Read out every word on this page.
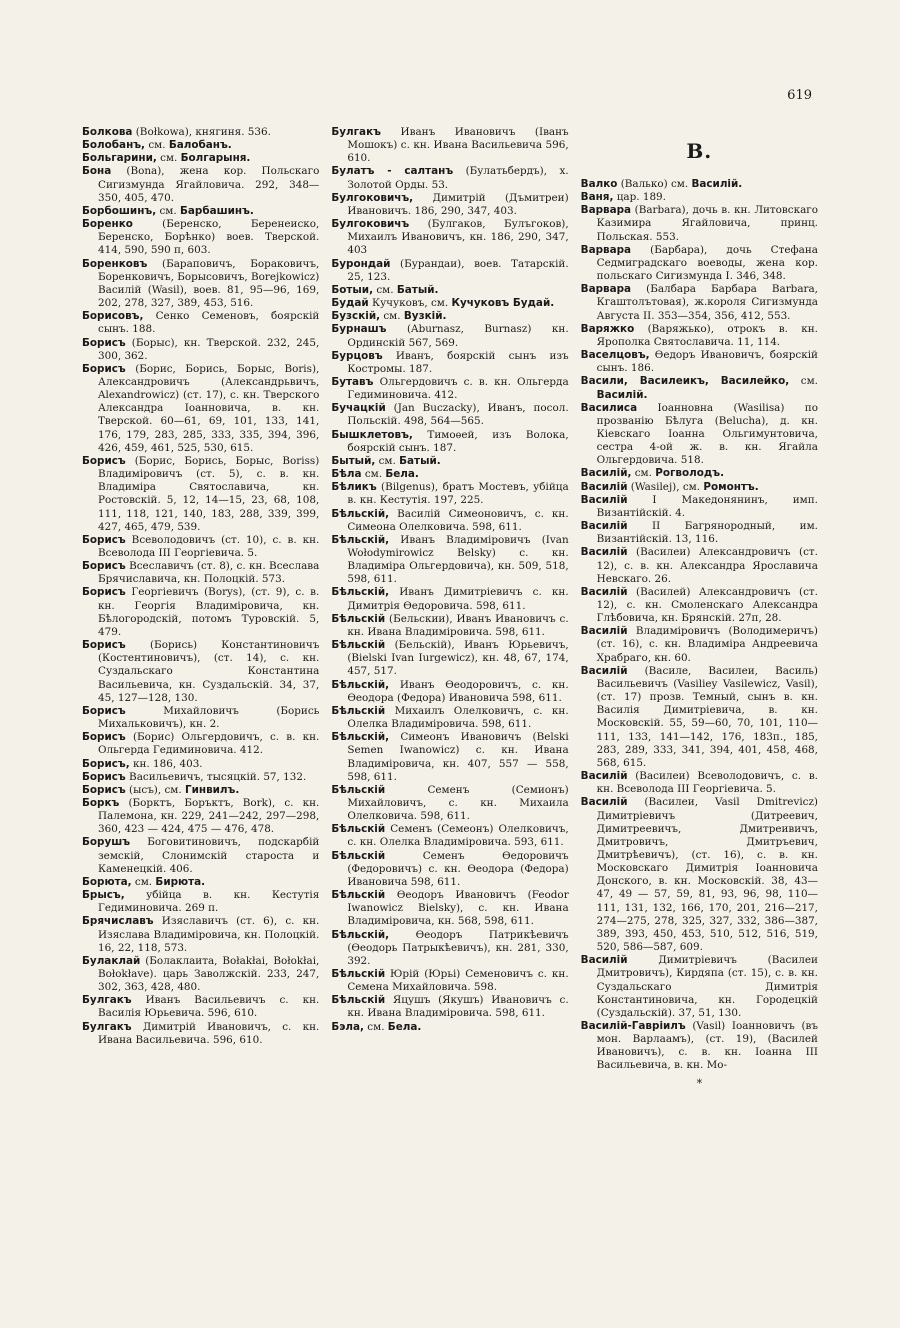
619

Болкова (Bołkowa), княгиня. 536.

Болобанъ, см. Балобанъ.

Больгарини, см. Болгарыня.

Бона (Bona), жена кор. Польскаго Сигизмунда Ягайловича. 292, 348—350, 405, 470.

Борбошинъ, см. Барбашинъ.

Боренко (Беренско, Беренеиско, Беренско, Борѣнко) воев. Тверской. 414, 590, 590 п, 603.

Боренковъ (Бараповичъ, Бораковичъ, Боренковичъ, Борысовичъ, Borejkowicz) Василій (Wasil), воев. 81, 95—96, 169, 202, 278, 327, 389, 453, 516.

Борисовъ, Сенко Семеновъ, боярскій сынъ. 188.

Борисъ (Борыс), кн. Тверской. 232, 245, 300, 362.

Борисъ (Борис, Борись, Борыс, Boris), Александровичъ (Александрьвичъ, Alexandrowicz) (ст. 17), с. кн. Тверского Александра Іоанновича, в. кн. Тверской. 60—61, 69, 101, 133, 141, 176, 179, 283, 285, 333, 335, 394, 396, 426, 459, 461, 525, 530, 615.

Борисъ (Борис, Борись, Борыс, Boriss) Владиміровичъ (ст. 5), с. в. кн. Владиміра Святославича, кн. Ростовскій. 5, 12, 14—15, 23, 68, 108, 111, 118, 121, 140, 183, 288, 339, 399, 427, 465, 479, 539.

Борисъ Всеволодовичъ (ст. 10), с. в. кн. Всеволода III Георгіевича. 5.

Борисъ Всеславичъ (ст. 8), с. кн. Всеслава Брячиславича, кн. Полоцкій. 573.

Борисъ Георгіевичъ (Borys), (ст. 9), с. в. кн. Георгія Владиміровича, кн. Бѣлогородскій, потомъ Туровскій. 5, 479.

Борисъ (Борись) Константиновичъ (Костентиновичъ), (ст. 14), с. кн. Суздальскаго Константина Васильевича, кн. Суздальскій. 34, 37, 45, 127—128, 130.

Борисъ Михайловичъ (Борись Михальковичъ), кн. 2.

Борисъ (Борис) Ольгердовичъ, с. в. кн. Ольгерда Гедиминовича. 412.

Борисъ, кн. 186, 403.

Борисъ Васильевичъ, тысяцкій. 57, 132.

Борисъ (ысъ), см. Гинвилъ.

Боркъ (Борктъ, Боръктъ, Bork), с. кн. Палемона, кн. 229, 241—242, 297—298, 360, 423 — 424, 475 — 476, 478.

Борушъ Боговитиновичъ, подскарбій земскій, Слонимскій староста и Каменецкій. 406.

Борюта, см. Бирюта.

Брысъ, убійца в. кн. Кестутія Гедиминовича. 269 п.

Брячиславъ Изяславичъ (ст. 6), с. кн. Изяслава Владиміровича, кн. Полоцкій. 16, 22, 118, 573.

Булаклай (Болаклаита, Bołakłai, Bołokłai, Bołokłave). царь Заволжскій. 233, 247, 302, 363, 428, 480.

Булгакъ Иванъ Васильевичъ с. кн. Василія Юрьевича. 596, 610.

Булгакъ Димитрій Ивановичъ, с. кн. Ивана Васильевича. 596, 610.

Булгакъ Иванъ Ивановичъ (Іванъ Мошокъ) с. кн. Ивана Васильевича 596, 610.

Булатъ - салтанъ (Булатьбердъ), х. Золотой Орды. 53.

Булгоковичъ, Димитрій (Дъмитреи) Ивановичъ. 186, 290, 347, 403.

Булгоковичъ (Булгаков, Булъгоков), Михаилъ Ивановичъ, кн. 186, 290, 347, 403

Бурондай (Бурандаи), воев. Татарскій. 25, 123.

Ботыи, см. Батый.

Будай Кучуковъ, см. Кучуковъ Будай.

Бузскій, см. Вузкій.

Бурнашъ (Aburnasz, Burnasz) кн. Ординскій 567, 569.

Бурцовъ Иванъ, боярскій сынъ изъ Костромы. 187.

Бутавъ Ольгердовичъ с. в. кн. Ольгерда Гедиминовича. 412.

Бучацкій (Jan Buczacky), Иванъ, посол. Польскій. 498, 564—565.

Бышклетовъ, Тимоѳей, изъ Волока, боярскій сынъ. 187.

Бытый, см. Батый.

Бѣла см. Бела.

Бѣликъ (Bilgenus), братъ Мостевъ, убійца в. кн. Кестутія. 197, 225.

Бѣльскій, Василій Симеоновичъ, с. кн. Симеона Олелковича. 598, 611.

Бѣльскій, Иванъ Владиміровичъ (Ivan Wołodymirowicz Belsky) с. кн. Владиміра Ольгердовича), кн. 509, 518, 598, 611.

Бѣльскій, Иванъ Димитріевичъ с. кн. Димитрія Ѳедоровича. 598, 611.

Бѣльскій (Бельскии), Иванъ Ивановичъ с. кн. Ивана Владиміровича. 598, 611.

Бѣльскій (Бельскій), Иванъ Юрьевичъ, (Bielski Ivan Iurgewicz), кн. 48, 67, 174, 457, 517.

Бѣльскій, Иванъ Ѳеодоровичъ, с. кн. Ѳеодора (Федора) Ивановича 598, 611.

Бѣльскій Михаилъ Олелковичъ, с. кн. Олелка Владиміровича. 598, 611.

Бѣльскій, Симеонъ Ивановичъ (Belski Semen Iwanowicz) с. кн. Ивана Владиміровича, кн. 407, 557 — 558, 598, 611.

Бѣльскій Семенъ (Семионъ) Михайловичъ, с. кн. Михаила Олелковича. 598, 611.

Бѣльскій Семенъ (Семеонъ) Олелковичъ, с. кн. Олелка Владиміровича. 593, 611.

Бѣльскій Семенъ Ѳедоровичъ (Федоровичъ) с. кн. Ѳеодора (Федора) Ивановича 598, 611.

Бѣльскій Ѳеодоръ Ивановичъ (Feodor Iwanowicz Bielsky), с. кн. Ивана Владиміровича, кн. 568, 598, 611.

Бѣльскій, Ѳеодоръ Патрикѣевичъ (Ѳеодорь Патрыкѣевичъ), кн. 281, 330, 392.

Бѣльскій Юрій (Юрьі) Семеновичъ с. кн. Семена Михайловича. 598.

Бѣльскій Яцушъ (Якушъ) Ивановичъ с. кн. Ивана Владиміровича. 598, 611.

Бэла, см. Бела.

В.

Валко (Валько) см. Василій.

Ваня, цар. 189.

Варвара (Barbara), дочь в. кн. Литовскаго Казимира Ягайловича, принц. Польская. 553.

Варвара (Барбара), дочь Стефана Седмиградскаго воеводы, жена кор. польскаго Сигизмунда I. 346, 348.

Варвара (Балбара Барбара Barbara, Кгаштолътовая), ж.короля Сигизмунда Августа II. 353—354, 356, 412, 553.

Варяжко (Варяжько), отрокъ в. кн. Ярополка Святославича. 11, 114.

Васелцовъ, Ѳедоръ Ивановичъ, боярскій сынъ. 186.

Васили, Василеикъ, Василейко, см. Василій.

Василиса Іоанновна (Wasilisa) по прозванію Бѣлуга (Belucha), д. кн. Кіевскаго Іоанна Ольгимунтовича, сестра 4-ой ж. в. кн. Ягайла Ольгердовича. 518.

Василій, см. Рогволодъ.

Василій (Wasilej), см. Ромонтъ.

Василій I Македонянинъ, имп. Византійскій. 4.

Василій II Багрянородный, им. Византійскій. 13, 116.

Василій (Василеи) Александровичъ (ст. 12), с. в. кн. Александра Ярославича Невскаго. 26.

Василій (Василей) Александровичъ (ст. 12), с. кн. Смоленскаго Александра Глѣбовича, кн. Брянскій. 27п, 28.

Василій Владиміровичъ (Володимеричъ) (ст. 16), с. кн. Владиміра Андреевича Храбраго, кн. 60.

Василій (Василе, Василеи, Василь) Васильевичъ (Vasiliey Vasilewicz, Vasil), (ст. 17) прозв. Темный, сынъ в. кн. Василія Димитріевича, в. кн. Московскій. 55, 59—60, 70, 101, 110—111, 133, 141—142, 176, 183п., 185, 283, 289, 333, 341, 394, 401, 458, 468, 568, 615.

Василій (Василеи) Всеволодовичъ, с. в. кн. Всеволода III Георгіевича. 5.

Василій (Василеи, Vasil Dmitrevicz) Димитріевичъ (Дитреевич, Димитреевичъ, Дмитреивичъ, Дмитровичъ, Дмитръевич, Дмитрѣевичъ), (ст. 16), с. в. кн. Московскаго Димитрія Іоанновича Донского, в. кн. Московскій. 38, 43—47, 49 — 57, 59, 81, 93, 96, 98, 110—111, 131, 132, 166, 170, 201, 216—217, 274—275, 278, 325, 327, 332, 386—387, 389, 393, 450, 453, 510, 512, 516, 519, 520, 586—587, 609.

Василій Димитріевичъ (Василеи Дмитровичъ), Кирдяпа (ст. 15), с. в. кн. Суздальскаго Димитрія Константиновича, кн. Городецкій (Суздальскій). 37, 51, 130.

Василій-Гавріилъ (Vasil) Іоанновичъ (въ мон. Варлаамъ), (ст. 19), (Василей Ивановичъ), с. в. кн. Іоанна III Васильевича, в. кн. Мо-

*
